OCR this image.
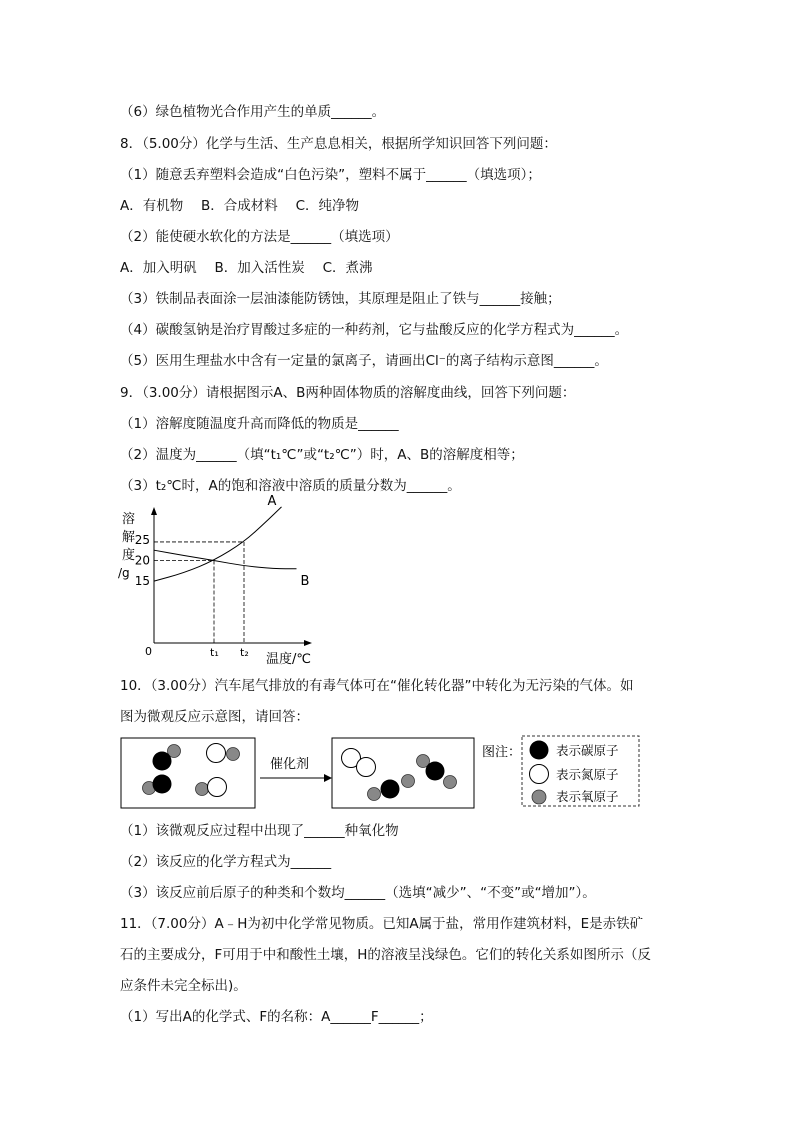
（6）绿色植物光合作用产生的单质______。
8．（5.00分）化学与生活、生产息息相关，根据所学知识回答下列问题：
（1）随意丢弃塑料会造成“白色污染”，塑料不属于______（填选项）；
A．有机物　 B．合成材料　 C．纯净物
（2）能使硬水软化的方法是______（填选项）
A．加入明矾　 B．加入活性炭　 C．煮沸
（3）铁制品表面涂一层油漆能防锈蚀，其原理是阻止了铁与______接触；
（4）碳酸氢钠是治疗胃酸过多症的一种药剂，它与盐酸反应的化学方程式为______。
（5）医用生理盐水中含有一定量的氯离子，请画出Cl⁻的离子结构示意图______。
9．（3.00分）请根据图示A、B两种固体物质的溶解度曲线，回答下列问题：
（1）溶解度随温度升高而降低的物质是______
（2）温度为______（填“t₁℃”或“t₂℃”）时，A、B的溶解度相等；
（3）t₂℃时，A的饱和溶液中溶质的质量分数为______。
溶
解
度
/g
0
温度/℃
15
20
25
t₁ t₂
A
B
10．（3.00分）汽车尾气排放的有毒气体可在“催化转化器”中转化为无污染的气体。如
图为微观反应示意图，请回答：
催化剂
图注：	表示碳原子
表示氮原子
表示氧原子
（1）该微观反应过程中出现了______种氧化物
（2）该反应的化学方程式为______
（3）该反应前后原子的种类和个数均______（选填“减少”、“不变”或“增加”）。
11．（7.00分）A﹣H为初中化学常见物质。已知A属于盐，常用作建筑材料，E是赤铁矿
石的主要成分，F可用于中和酸性土壤，H的溶液呈浅绿色。它们的转化关系如图所示（反
应条件未完全标出)。
（1）写出A的化学式、F的名称：A______F______；
